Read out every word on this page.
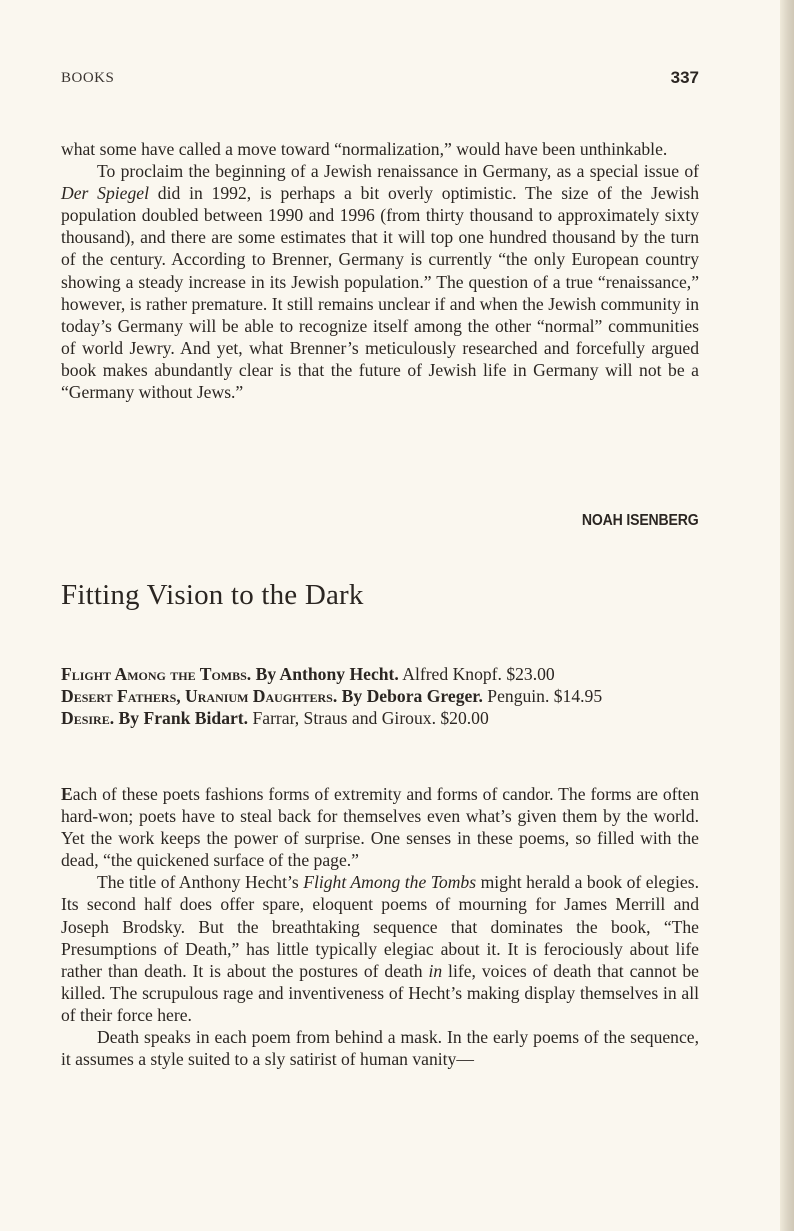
BOOKS	337

what some have called a move toward “normalization,” would have been unthinkable.

To proclaim the beginning of a Jewish renaissance in Germany, as a special issue of Der Spiegel did in 1992, is perhaps a bit overly optimistic. The size of the Jewish population doubled between 1990 and 1996 (from thirty thousand to approximately sixty thousand), and there are some estimates that it will top one hundred thousand by the turn of the century. According to Brenner, Germany is currently “the only European country showing a steady increase in its Jewish population.” The question of a true “renaissance,” however, is rather premature. It still remains unclear if and when the Jewish community in today’s Germany will be able to recognize itself among the other “normal” communities of world Jewry. And yet, what Brenner’s meticulously researched and forcefully argued book makes abundantly clear is that the future of Jewish life in Germany will not be a “Germany without Jews.”

NOAH ISENBERG
Fitting Vision to the Dark
Flight Among the Tombs. By Anthony Hecht. Alfred Knopf. $23.00
Desert Fathers, Uranium Daughters. By Debora Greger. Penguin. $14.95
Desire. By Frank Bidart. Farrar, Straus and Giroux. $20.00

Each of these poets fashions forms of extremity and forms of candor. The forms are often hard-won; poets have to steal back for themselves even what’s given them by the world. Yet the work keeps the power of surprise. One senses in these poems, so filled with the dead, “the quickened surface of the page.”

The title of Anthony Hecht’s Flight Among the Tombs might herald a book of elegies. Its second half does offer spare, eloquent poems of mourning for James Merrill and Joseph Brodsky. But the breathtaking sequence that dominates the book, “The Presumptions of Death,” has little typically elegiac about it. It is ferociously about life rather than death. It is about the postures of death in life, voices of death that cannot be killed. The scrupulous rage and inventiveness of Hecht’s making display themselves in all of their force here.

Death speaks in each poem from behind a mask. In the early poems of the sequence, it assumes a style suited to a sly satirist of human vanity—
